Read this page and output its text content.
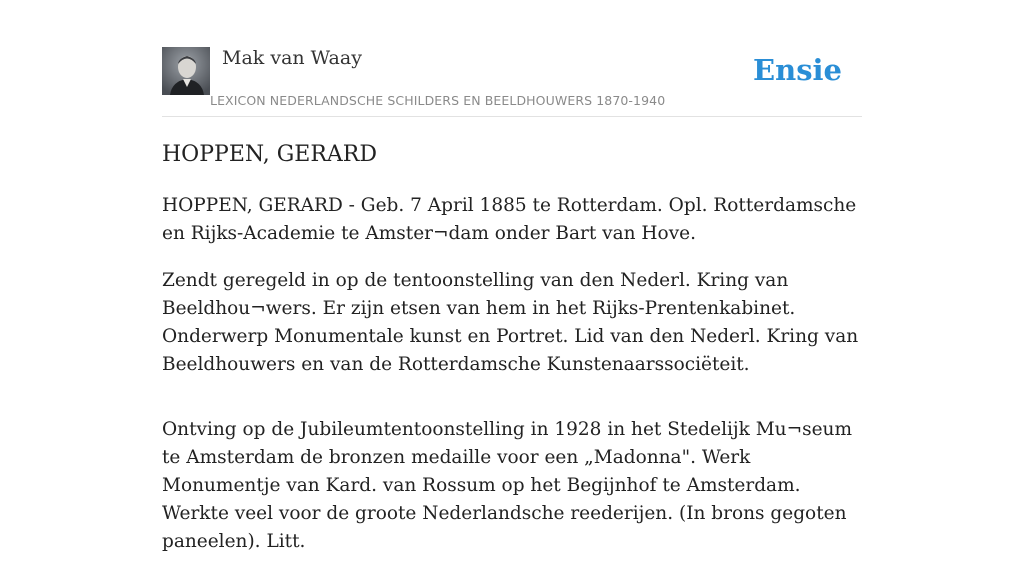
Mak van Waay
LEXICON NEDERLANDSCHE SCHILDERS EN BEELDHOUWERS 1870-1940
Ensie
HOPPEN, GERARD

HOPPEN, GERARD - Geb. 7 April 1885 te Rotterdam. Opl. Rotterdamsche en Rijks-Academie te Amster¬dam onder Bart van Hove.

Zendt geregeld in op de tentoonstelling van den Nederl. Kring van Beeldhou¬wers. Er zijn etsen van hem in het Rijks-Prentenkabinet. Onderwerp Monumentale kunst en Portret. Lid van den Nederl. Kring van Beeldhouwers en van de Rotterdamsche Kunstenaarssociëteit.

Ontving op de Jubileumtentoonstelling in 1928 in het Stedelijk Mu¬seum te Amsterdam de bronzen medaille voor een „Madonna". Werk Monumentje van Kard. van Rossum op het Begijnhof te Amsterdam. Werkte veel voor de groote Nederlandsche reederijen. (In brons gegoten paneelen). Litt.
